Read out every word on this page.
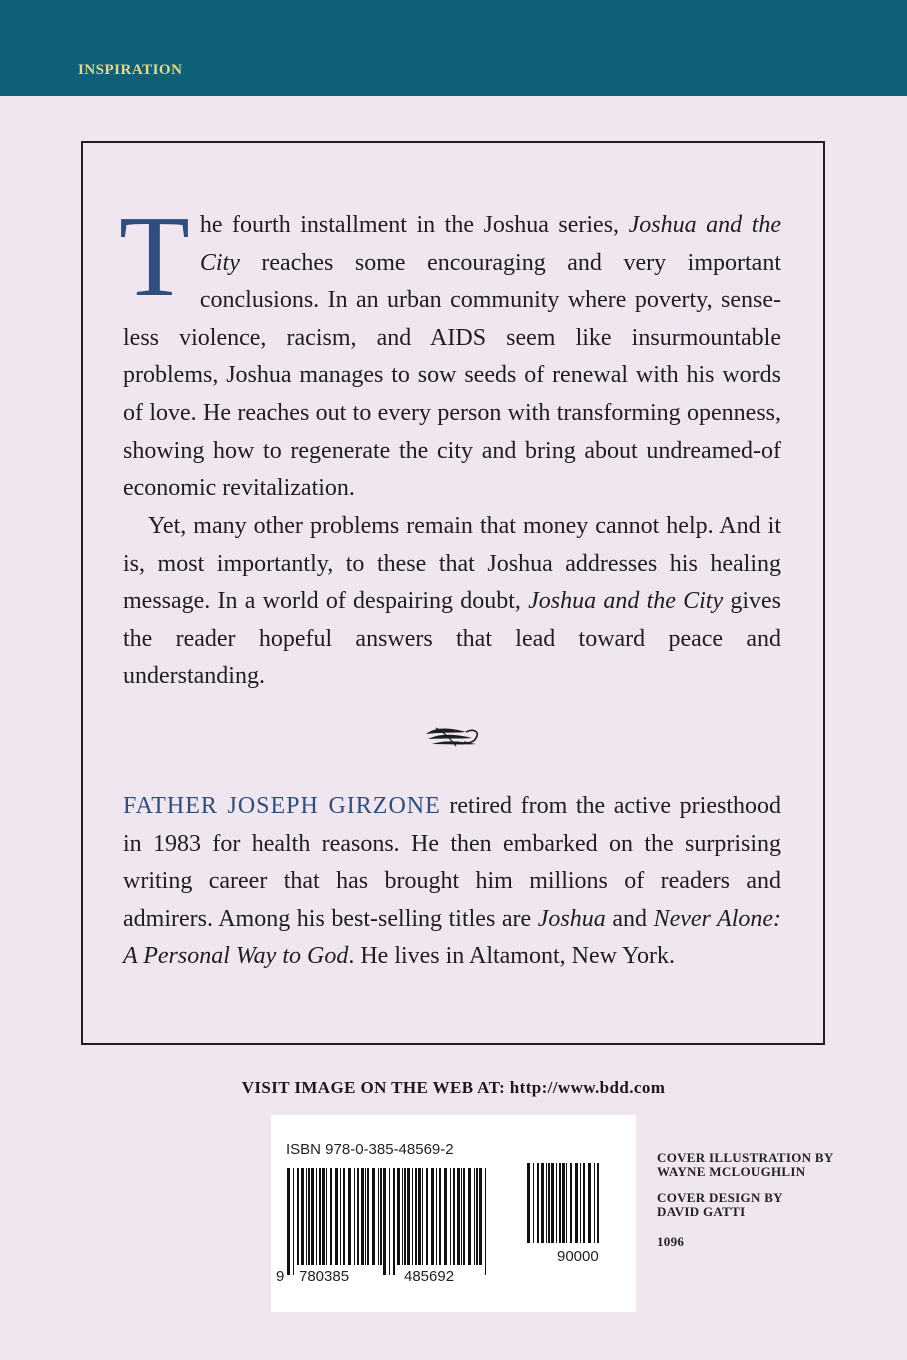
INSPIRATION
The fourth installment in the Joshua series, Joshua and the City reaches some encouraging and very important conclusions. In an urban community where poverty, senseless violence, racism, and AIDS seem like insurmountable problems, Joshua manages to sow seeds of renewal with his words of love. He reaches out to every person with transforming openness, showing how to regenerate the city and bring about undreamed-of economic revitalization.
Yet, many other problems remain that money cannot help. And it is, most importantly, to these that Joshua addresses his healing message. In a world of despairing doubt, Joshua and the City gives the reader hopeful answers that lead toward peace and understanding.
FATHER JOSEPH GIRZONE retired from the active priesthood in 1983 for health reasons. He then embarked on the surprising writing career that has brought him millions of readers and admirers. Among his best-selling titles are Joshua and Never Alone: A Personal Way to God. He lives in Altamont, New York.
VISIT IMAGE ON THE WEB AT: http://www.bdd.com
ISBN 978-0-385-48569-2
9 780385	485692
90000
COVER ILLUSTRATION BY
WAYNE MCLOUGHLIN
COVER DESIGN BY
DAVID GATTI
1096
